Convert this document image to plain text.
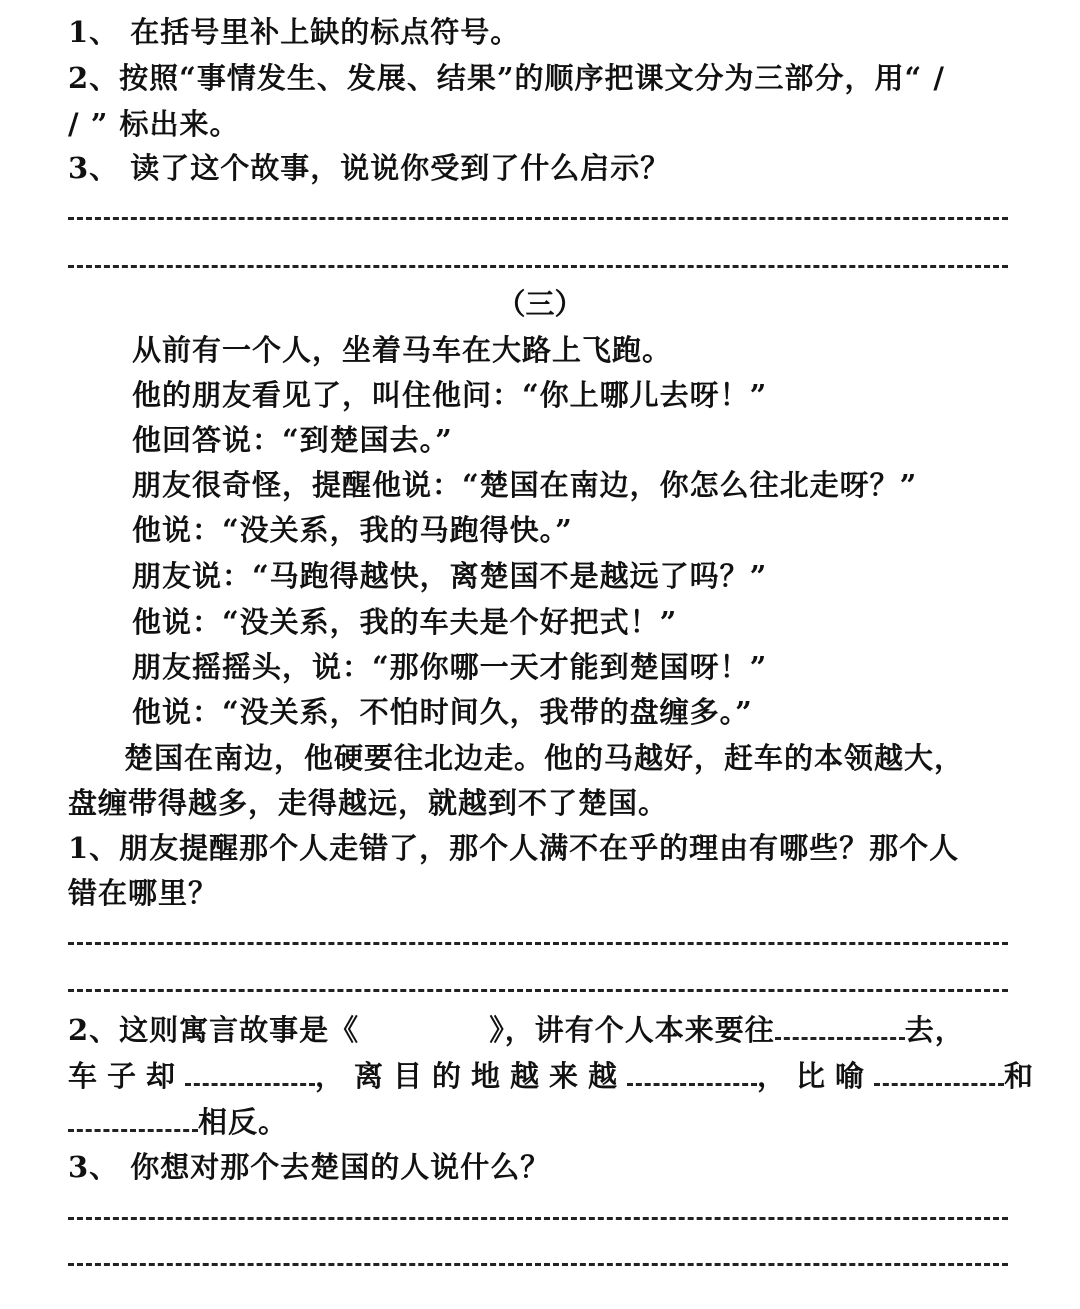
1、 在括号里补上缺的标点符号。
2、按照“事情发生、发展、结果”的顺序把课文分为三部分，用“ /
/ ” 标出来。
3、 读了这个故事，说说你受到了什么启示？
（三）
从前有一个人，坐着马车在大路上飞跑。
他的朋友看见了，叫住他问：“你上哪儿去呀！”
他回答说：“到楚国去。”
朋友很奇怪，提醒他说：“楚国在南边，你怎么往北走呀？”
他说：“没关系，我的马跑得快。”
朋友说：“马跑得越快，离楚国不是越远了吗？”
他说：“没关系，我的车夫是个好把式！”
朋友摇摇头，说：“那你哪一天才能到楚国呀！”
他说：“没关系，不怕时间久，我带的盘缠多。”
楚国在南边，他硬要往北边走。他的马越好，赶车的本领越大，
盘缠带得越多，走得越远，就越到不了楚国。
1、朋友提醒那个人走错了，那个人满不在乎的理由有哪些？那个人
错在哪里？
2、这则寓言故事是《	》，讲有个人本来要往	去，
车子却	，离目的地越来越	，比喻	和
相反。
3、 你想对那个去楚国的人说什么？
